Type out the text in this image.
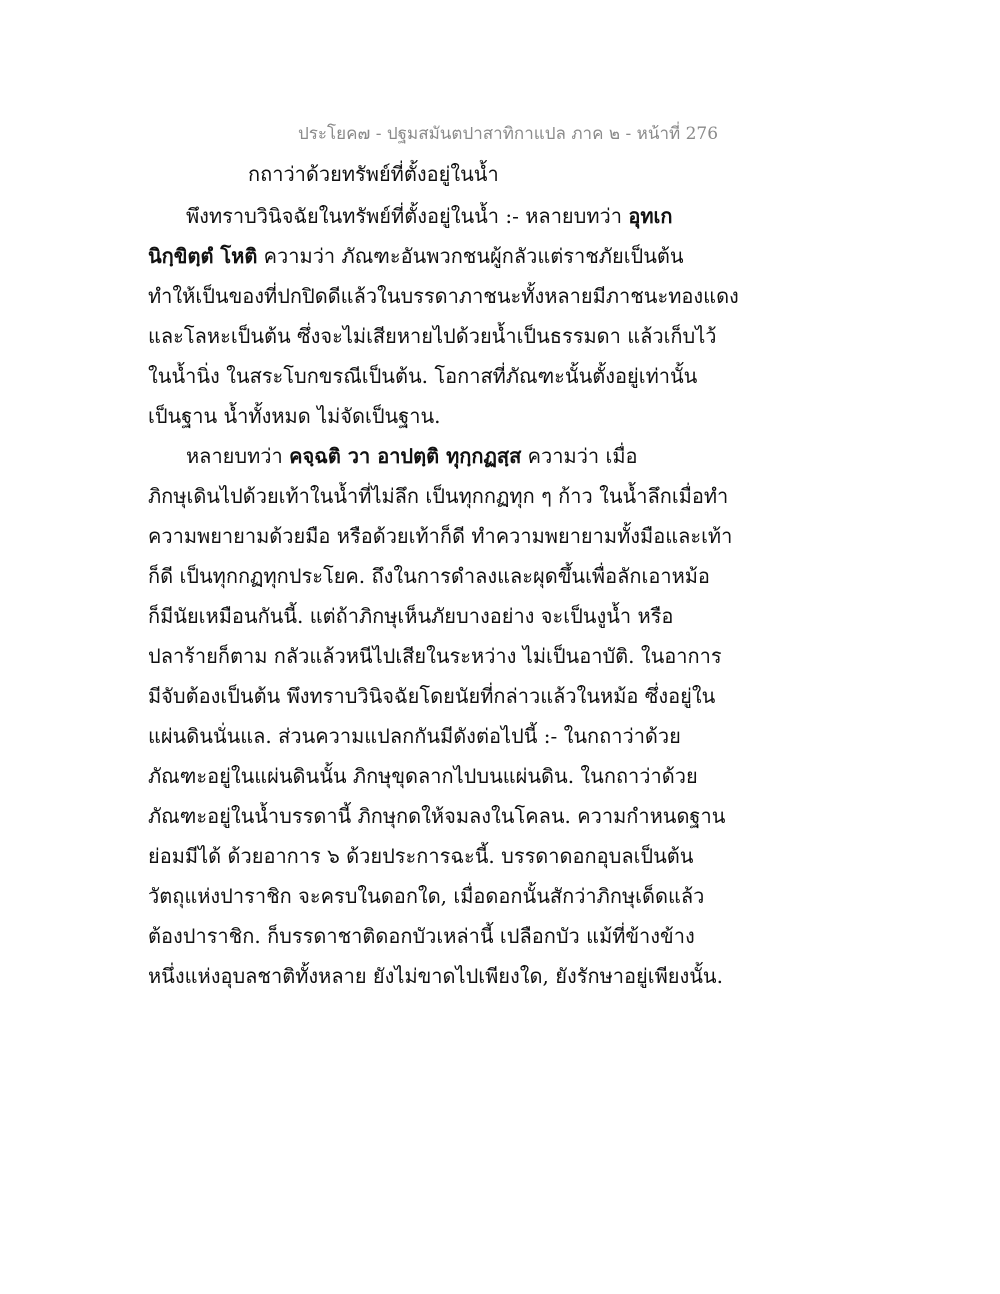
ประโยค๗ - ปฐมสมันตปาสาทิกาแปล ภาค ๒ - หน้าที่ 276
กถาว่าด้วยทรัพย์ที่ตั้งอยู่ในน้ำ
พึงทราบวินิจฉัยในทรัพย์ที่ตั้งอยู่ในน้ำ :- หลายบทว่า อุทเก
นิกฺขิตฺตํ โหติ ความว่า ภัณฑะอันพวกชนผู้กลัวแต่ราชภัยเป็นต้น
ทำให้เป็นของที่ปกปิดดีแล้วในบรรดาภาชนะทั้งหลายมีภาชนะทองแดง
และโลหะเป็นต้น ซึ่งจะไม่เสียหายไปด้วยน้ำเป็นธรรมดา แล้วเก็บไว้
ในน้ำนิ่ง ในสระโบกขรณีเป็นต้น. โอกาสที่ภัณฑะนั้นตั้งอยู่เท่านั้น
เป็นฐาน น้ำทั้งหมด ไม่จัดเป็นฐาน.
หลายบทว่า คจฺฉติ วา อาปตฺติ ทุกฺกฏสฺส ความว่า เมื่อ
ภิกษุเดินไปด้วยเท้าในน้ำที่ไม่ลึก เป็นทุกกฏทุก ๆ ก้าว ในน้ำลึกเมื่อทำ
ความพยายามด้วยมือ หรือด้วยเท้าก็ดี ทำความพยายามทั้งมือและเท้า
ก็ดี เป็นทุกกฏทุกประโยค. ถึงในการดำลงและผุดขึ้นเพื่อลักเอาหม้อ
ก็มีนัยเหมือนกันนี้. แต่ถ้าภิกษุเห็นภัยบางอย่าง จะเป็นงูน้ำ หรือ
ปลาร้ายก็ตาม กลัวแล้วหนีไปเสียในระหว่าง ไม่เป็นอาบัติ. ในอาการ
มีจับต้องเป็นต้น พึงทราบวินิจฉัยโดยนัยที่กล่าวแล้วในหม้อ ซึ่งอยู่ใน
แผ่นดินนั่นแล. ส่วนความแปลกกันมีดังต่อไปนี้ :- ในกถาว่าด้วย
ภัณฑะอยู่ในแผ่นดินนั้น ภิกษุขุดลากไปบนแผ่นดิน. ในกถาว่าด้วย
ภัณฑะอยู่ในน้ำบรรดานี้ ภิกษุกดให้จมลงในโคลน. ความกำหนดฐาน
ย่อมมีได้ ด้วยอาการ ๖ ด้วยประการฉะนี้. บรรดาดอกอุบลเป็นต้น
วัตถุแห่งปาราชิก จะครบในดอกใด, เมื่อดอกนั้นสักว่าภิกษุเด็ดแล้ว
ต้องปาราชิก. ก็บรรดาชาติดอกบัวเหล่านี้ เปลือกบัว แม้ที่ข้างข้าง
หนึ่งแห่งอุบลชาติทั้งหลาย ยังไม่ขาดไปเพียงใด, ยังรักษาอยู่เพียงนั้น.
